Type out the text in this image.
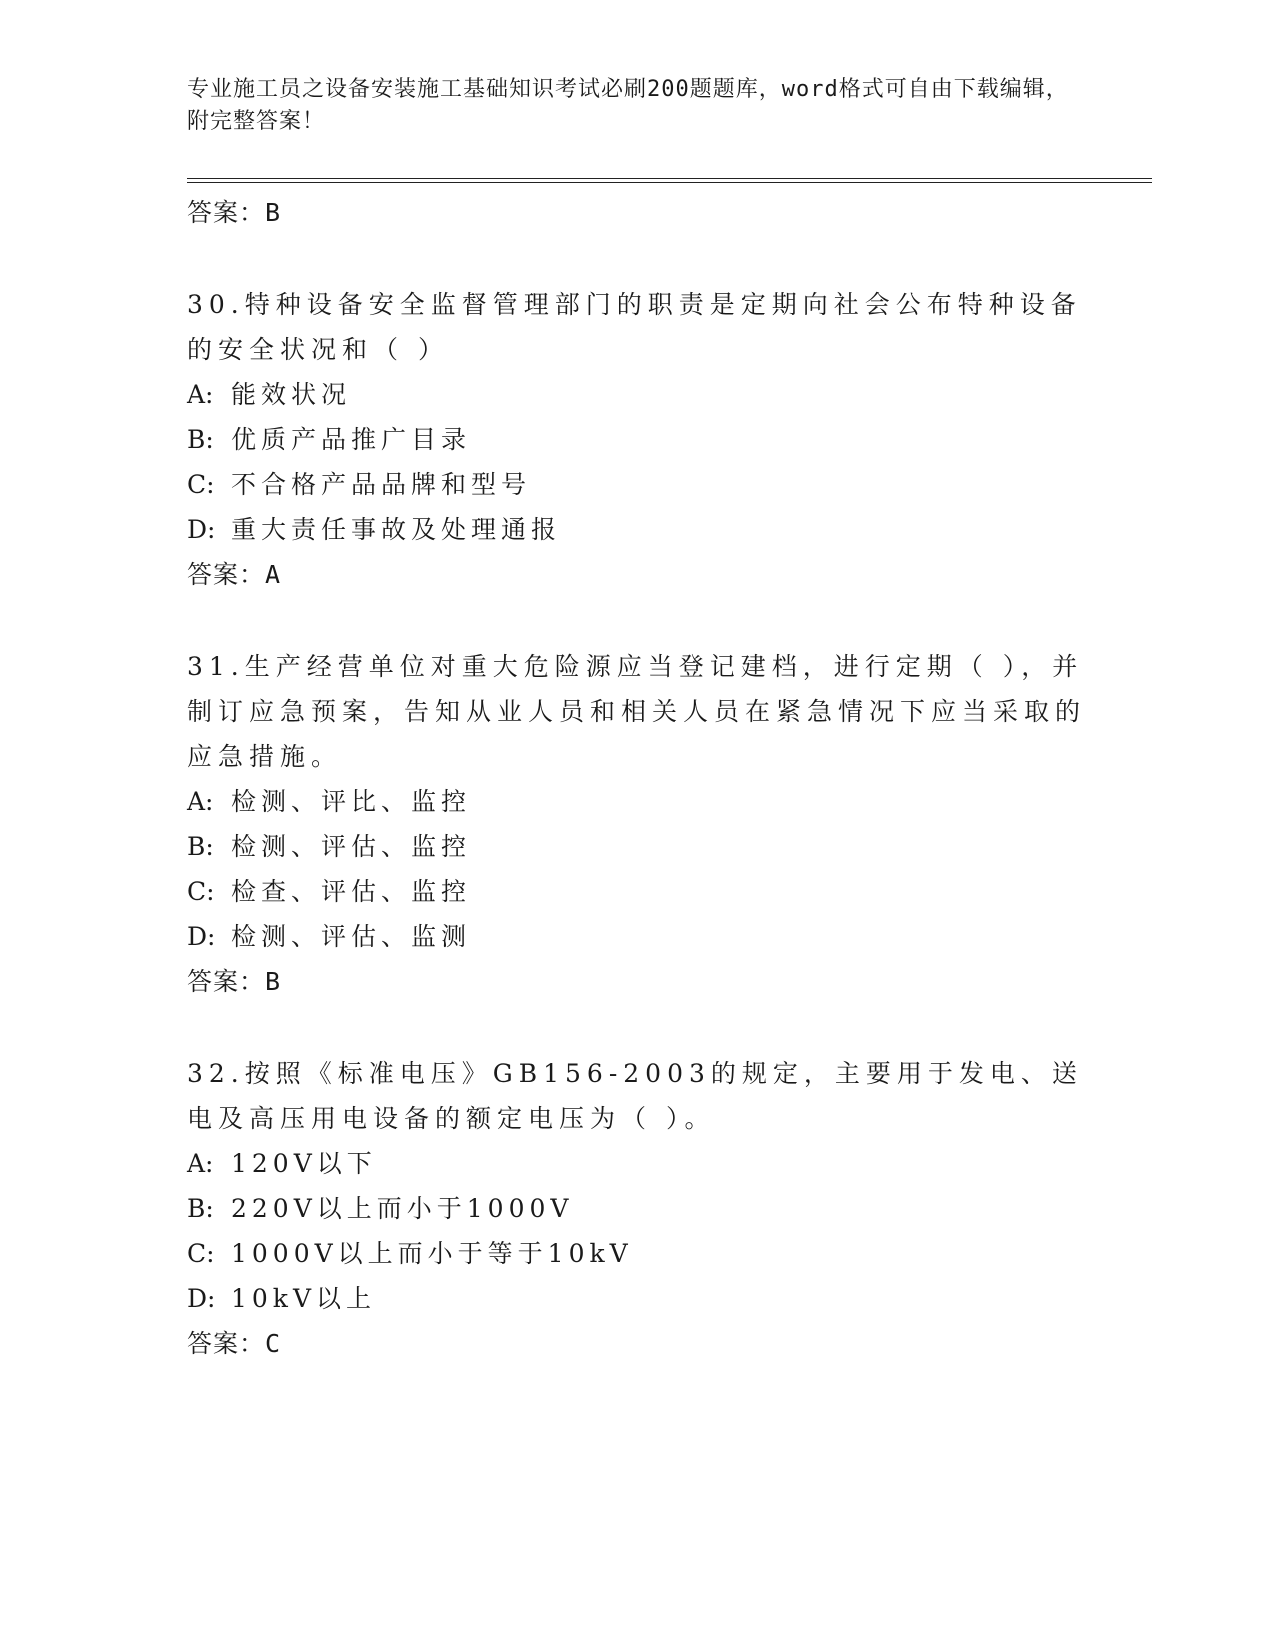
专业施工员之设备安装施工基础知识考试必刷200题题库，word格式可自由下载编辑，附完整答案！
答案：B
30.特种设备安全监督管理部门的职责是定期向社会公布特种设备的安全状况和（ ）
A: 能效状况
B: 优质产品推广目录
C: 不合格产品品牌和型号
D: 重大责任事故及处理通报
答案：A
31.生产经营单位对重大危险源应当登记建档，进行定期（ ），并制订应急预案，告知从业人员和相关人员在紧急情况下应当采取的应急措施。
A: 检测、评比、监控
B: 检测、评估、监控
C: 检查、评估、监控
D: 检测、评估、监测
答案：B
32.按照《标准电压》GB156-2003的规定，主要用于发电、送电及高压用电设备的额定电压为（ ）。
A: 120V以下
B: 220V以上而小于1000V
C: 1000V以上而小于等于10kV
D: 10kV以上
答案：C
